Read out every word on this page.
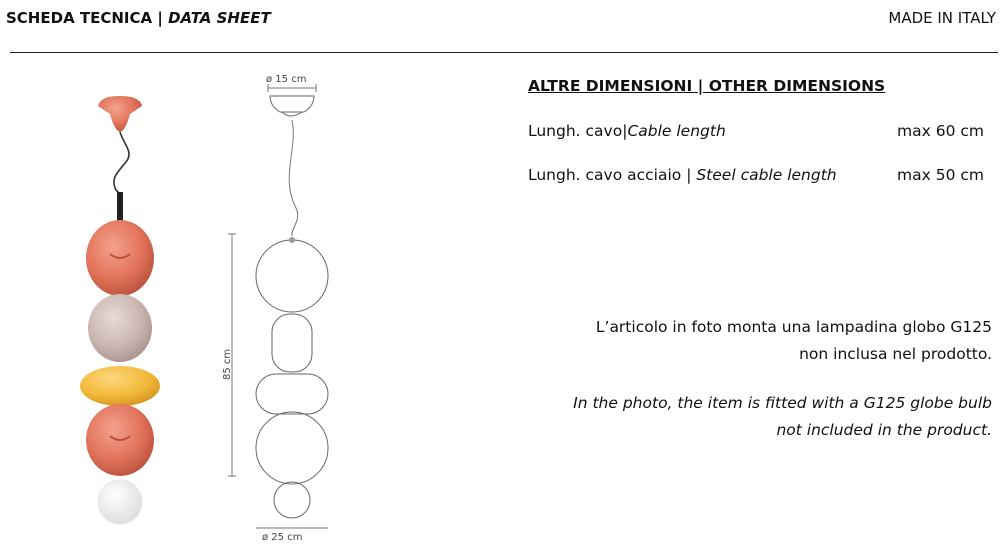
SCHEDA TECNICA | DATA SHEET	MADE IN ITALY
ø 15 cm
85 cm
ø 25 cm
ALTRE DIMENSIONI | OTHER DIMENSIONS
Lungh. cavo|Cable length	max 60 cm
Lungh. cavo acciaio | Steel cable length	max 50 cm
L’articolo in foto monta una lampadina globo G125
non inclusa nel prodotto.
In the photo, the item is fitted with a G125 globe bulb
not included in the product.
